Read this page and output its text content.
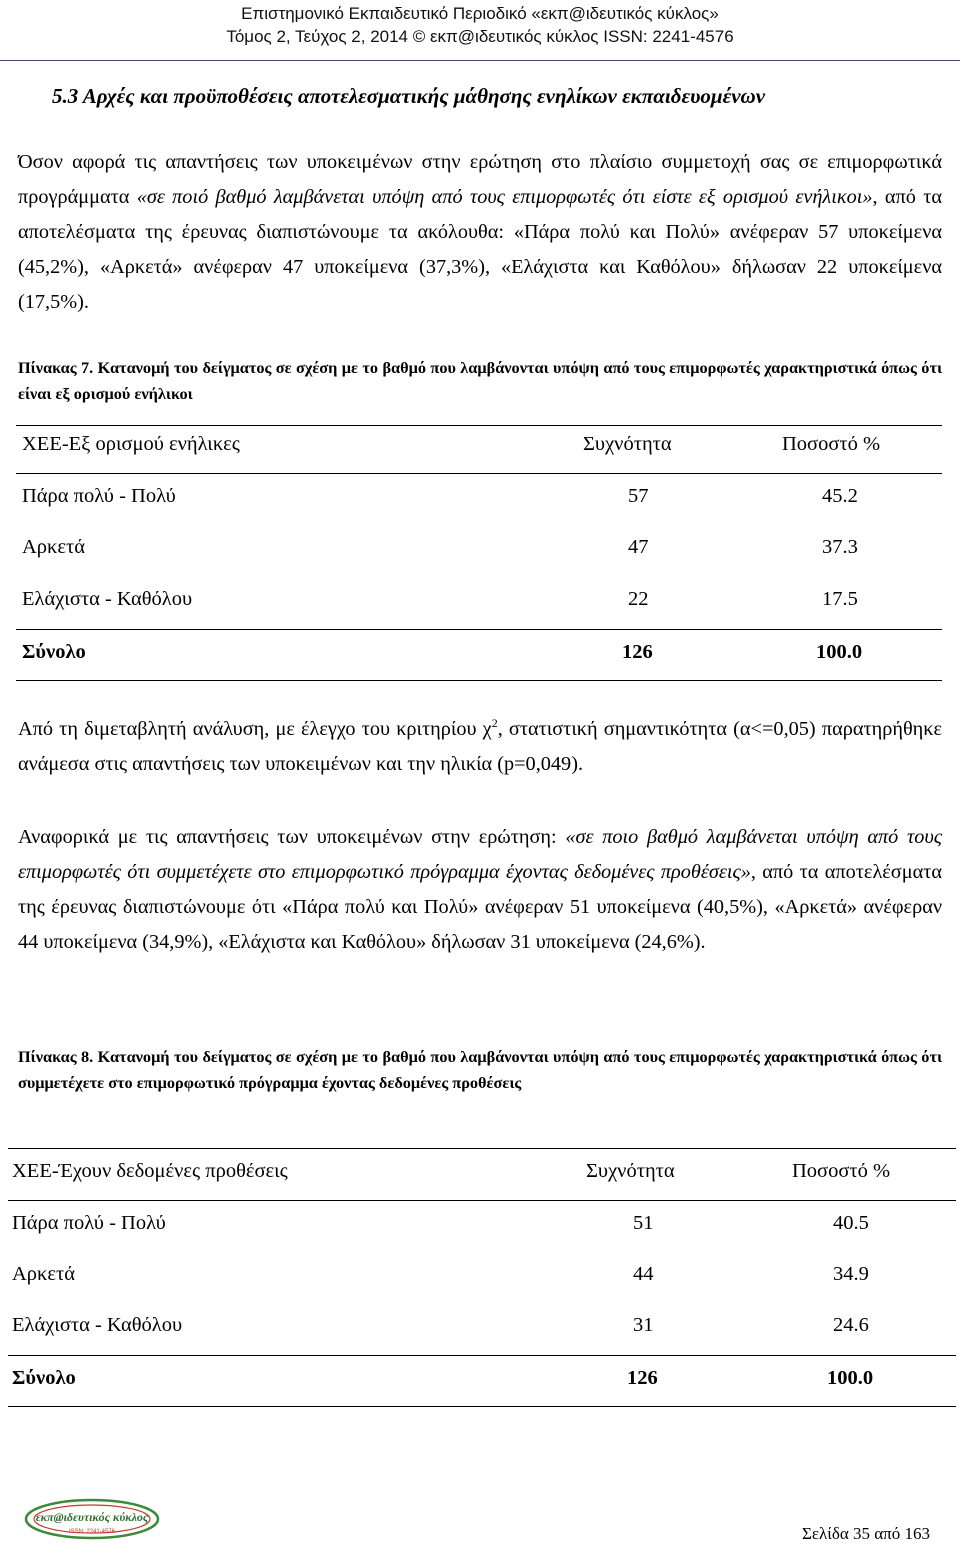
Επιστημονικό Εκπαιδευτικό Περιοδικό «εκπ@ιδευτικός κύκλος»
Τόμος 2, Τεύχος 2, 2014 © εκπ@ιδευτικός κύκλος ISSN: 2241-4576
5.3 Αρχές και προϋποθέσεις αποτελεσματικής μάθησης ενηλίκων εκπαιδευομένων
Όσον αφορά τις απαντήσεις των υποκειμένων στην ερώτηση στο πλαίσιο συμμετοχή σας σε επιμορφωτικά προγράμματα «σε ποιό βαθμό λαμβάνεται υπόψη από τους επιμορφωτές ότι είστε εξ ορισμού ενήλικοι», από τα αποτελέσματα της έρευνας διαπιστώνουμε τα ακόλουθα: «Πάρα πολύ και Πολύ» ανέφεραν 57 υποκείμενα (45,2%), «Αρκετά» ανέφεραν 47 υποκείμενα (37,3%), «Ελάχιστα και Καθόλου» δήλωσαν 22 υποκείμενα (17,5%).
Πίνακας 7. Κατανομή του δείγματος σε σχέση με το βαθμό που λαμβάνονται υπόψη από τους επιμορφωτές χαρακτηριστικά όπως ότι είναι εξ ορισμού ενήλικοι
ΧΕΕ-Εξ ορισμού ενήλικες	Συχνότητα	Ποσοστό %
Πάρα πολύ - Πολύ	57	45.2
Αρκετά	47	37.3
Ελάχιστα - Καθόλου	22	17.5
Σύνολο	126	100.0
Από τη διμεταβλητή ανάλυση, με έλεγχο του κριτηρίου $\chi^2$, στατιστική σημαντικότητα (α<=0,05) παρατηρήθηκε ανάμεσα στις απαντήσεις των υποκειμένων και την ηλικία (p=0,049).
Αναφορικά με τις απαντήσεις των υποκειμένων στην ερώτηση: «σε ποιο βαθμό λαμβάνεται υπόψη από τους επιμορφωτές ότι συμμετέχετε στο επιμορφωτικό πρόγραμμα έχοντας δεδομένες προθέσεις», από τα αποτελέσματα της έρευνας διαπιστώνουμε ότι «Πάρα πολύ και Πολύ» ανέφεραν 51 υποκείμενα (40,5%), «Αρκετά» ανέφεραν 44 υποκείμενα (34,9%), «Ελάχιστα και Καθόλου» δήλωσαν 31 υποκείμενα (24,6%).
Πίνακας 8. Κατανομή του δείγματος σε σχέση με το βαθμό που λαμβάνονται υπόψη από τους επιμορφωτές χαρακτηριστικά όπως ότι συμμετέχετε στο επιμορφωτικό πρόγραμμα έχοντας δεδομένες προθέσεις
ΧΕΕ-Έχουν δεδομένες προθέσεις	Συχνότητα	Ποσοστό %
Πάρα πολύ - Πολύ	51	40.5
Αρκετά	44	34.9
Ελάχιστα - Καθόλου	31	24.6
Σύνολο	126	100.0
εκπ@ιδευτικός κύκλος
ISSN: 2241-4576	Σελίδα 35 από 163
